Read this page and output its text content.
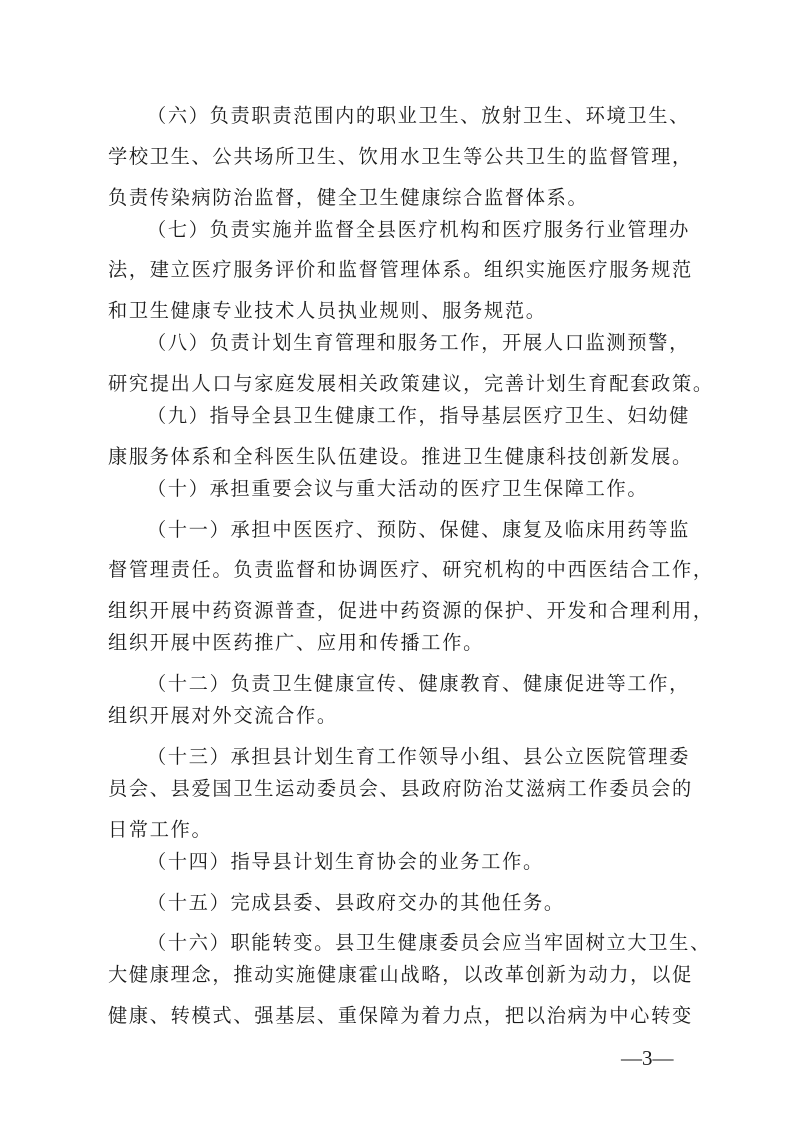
（六）负责职责范围内的职业卫生、放射卫生、环境卫生、
学校卫生、公共场所卫生、饮用水卫生等公共卫生的监督管理，
负责传染病防治监督，健全卫生健康综合监督体系。
（七）负责实施并监督全县医疗机构和医疗服务行业管理办
法，建立医疗服务评价和监督管理体系。组织实施医疗服务规范
和卫生健康专业技术人员执业规则、服务规范。
（八）负责计划生育管理和服务工作，开展人口监测预警，
研究提出人口与家庭发展相关政策建议，完善计划生育配套政策。
（九）指导全县卫生健康工作，指导基层医疗卫生、妇幼健
康服务体系和全科医生队伍建设。推进卫生健康科技创新发展。
（十）承担重要会议与重大活动的医疗卫生保障工作。
（十一）承担中医医疗、预防、保健、康复及临床用药等监
督管理责任。负责监督和协调医疗、研究机构的中西医结合工作，
组织开展中药资源普查，促进中药资源的保护、开发和合理利用，
组织开展中医药推广、应用和传播工作。
（十二）负责卫生健康宣传、健康教育、健康促进等工作，
组织开展对外交流合作。
（十三）承担县计划生育工作领导小组、县公立医院管理委
员会、县爱国卫生运动委员会、县政府防治艾滋病工作委员会的
日常工作。
（十四）指导县计划生育协会的业务工作。
（十五）完成县委、县政府交办的其他任务。
（十六）职能转变。县卫生健康委员会应当牢固树立大卫生、
大健康理念，推动实施健康霍山战略，以改革创新为动力，以促
健康、转模式、强基层、重保障为着力点，把以治病为中心转变
—3—
